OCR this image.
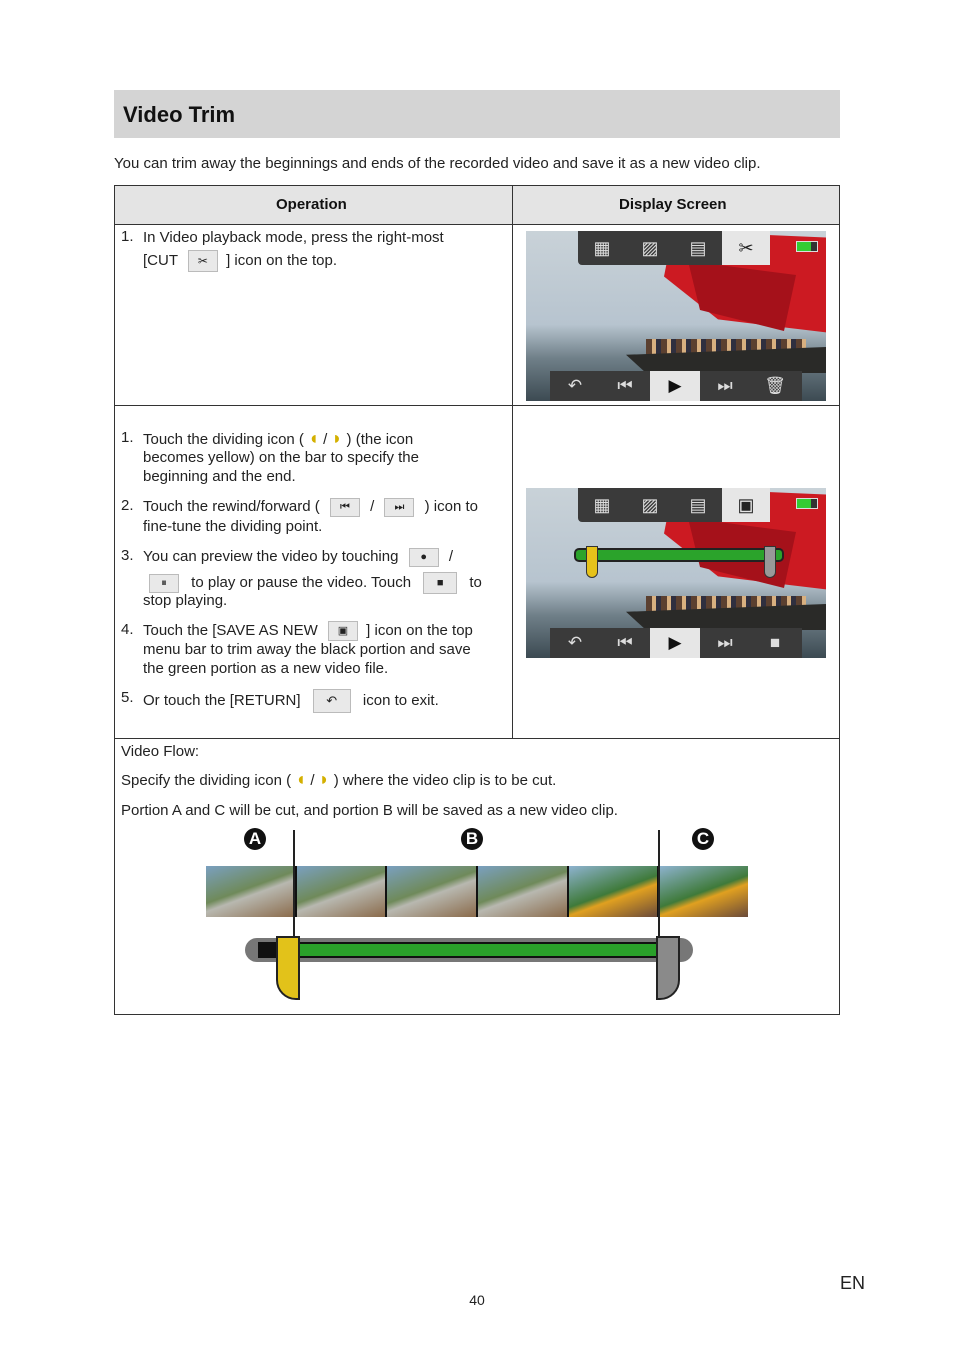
Video Trim
You can trim away the beginnings and ends of the recorded video and save it as a new video clip.
Operation	Display Screen
1. In Video playback mode, press the right-most
[CUT ✂ ] icon on the top.
▦	▨	▤	✂
↶	⏮	▶	⏭	🗑
1. Touch the dividing icon ( ◖ / ◗ ) (the icon
becomes yellow) on the bar to specify the
beginning and the end.
2. Touch the rewind/forward ( ⏮ / ⏭ ) icon to
fine-tune the dividing point.
3. You can preview the video by touching ● /
⏸ to play or pause the video. Touch ■ to
stop playing.
4. Touch the [SAVE AS NEW ▣ ] icon on the top
menu bar to trim away the black portion and save
the green portion as a new video file.
5. Or touch the [RETURN] ↶ icon to exit.
▦	▨	▤	▣
↶	⏮	▶	⏭	■
Video Flow:
Specify the dividing icon ( ◖ / ◗ ) where the video clip is to be cut.
Portion A and C will be cut, and portion B will be saved as a new video clip.
A	B	C
EN
40
